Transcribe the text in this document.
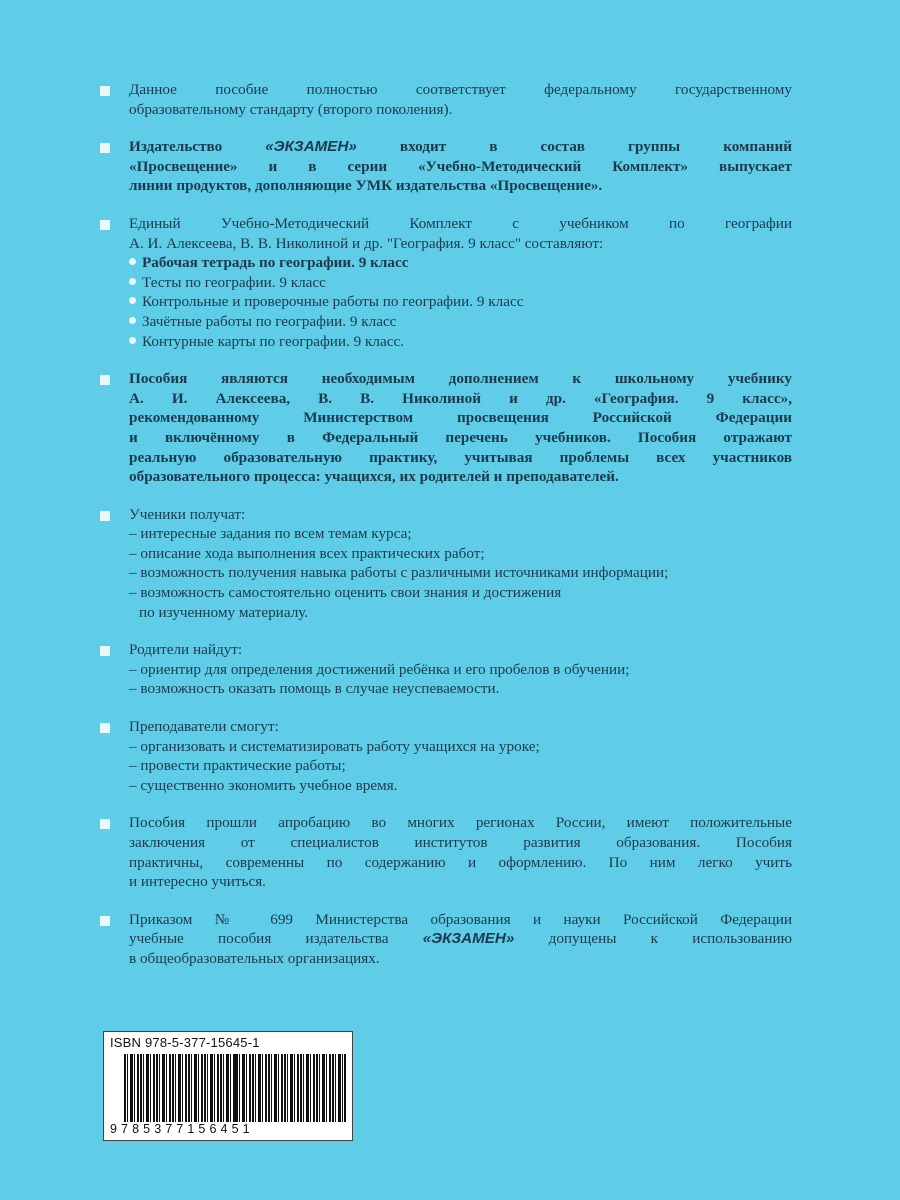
Данное пособие полностью соответствует федеральному государственному
образовательному стандарту (второго поколения).
Издательство «ЭКЗАМЕН» входит в состав группы компаний
«Просвещение» и в серии «Учебно-Методический Комплект» выпускает
линии продуктов, дополняющие УМК издательства «Просвещение».
Единый Учебно-Методический Комплект с учебником по географии
А. И. Алексеева, В. В. Николиной и др. "География. 9 класс" составляют:
Рабочая тетрадь по географии. 9 класс
Тесты по географии. 9 класс
Контрольные и проверочные работы по географии. 9 класс
Зачётные работы по географии. 9 класс
Контурные карты по географии. 9 класс.
Пособия являются необходимым дополнением к школьному учебнику
А. И. Алексеева, В. В. Николиной и др. «География. 9 класс»,
рекомендованному Министерством просвещения Российской Федерации
и включённому в Федеральный перечень учебников. Пособия отражают
реальную образовательную практику, учитывая проблемы всех участников
образовательного процесса: учащихся, их родителей и преподавателей.
Ученики получат:
– интересные задания по всем темам курса;
– описание хода выполнения всех практических работ;
– возможность получения навыка работы с различными источниками информации;
– возможность самостоятельно оценить свои знания и достижения
по изученному материалу.
Родители найдут:
– ориентир для определения достижений ребёнка и его пробелов в обучении;
– возможность оказать помощь в случае неуспеваемости.
Преподаватели смогут:
– организовать и систематизировать работу учащихся на уроке;
– провести практические работы;
– существенно экономить учебное время.
Пособия прошли апробацию во многих регионах России, имеют положительные
заключения от специалистов институтов развития образования. Пособия
практичны, современны по содержанию и оформлению. По ним легко учить
и интересно учиться.
Приказом № 699 Министерства образования и науки Российской Федерации
учебные пособия издательства «ЭКЗАМЕН» допущены к использованию
в общеобразовательных организациях.
ISBN 978-5-377-15645-1
9785377156451
